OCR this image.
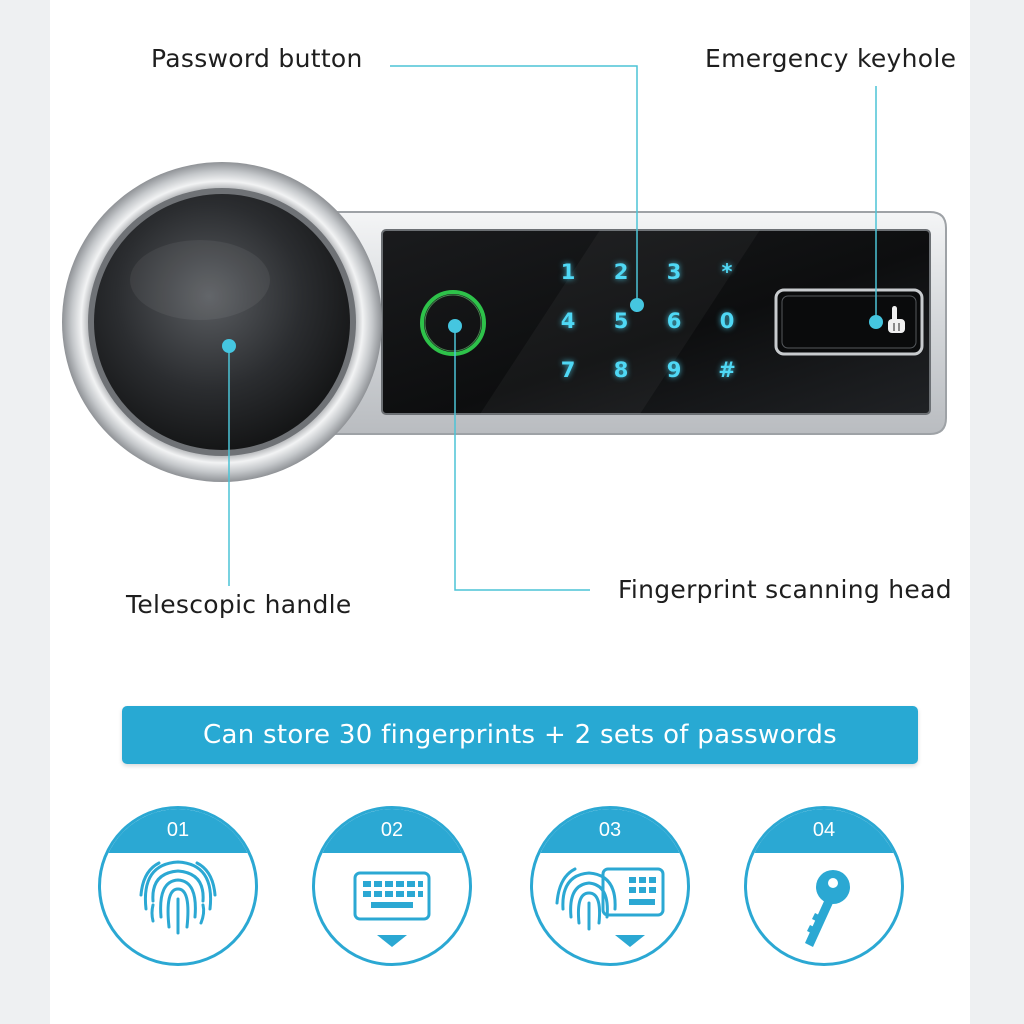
1	2	3	*
4	5	6	0
7	8	9	#
Password button	Emergency keyhole
Telescopic handle
Fingerprint scanning head
Can store 30 fingerprints + 2 sets of passwords
01	02	03	04
